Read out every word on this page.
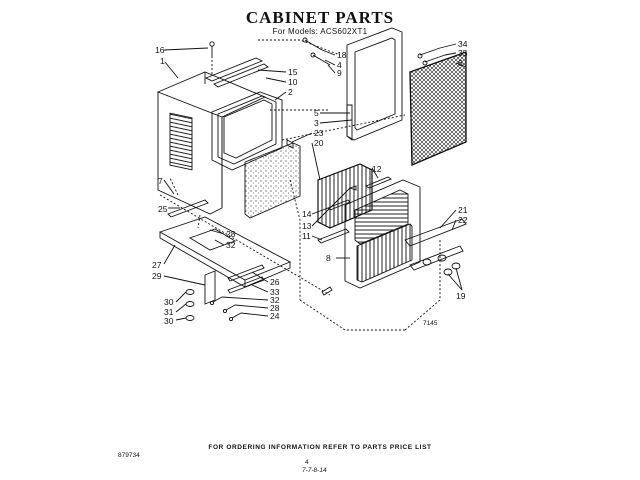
CABINET PARTS
For Models: ACS602XT1
16
1
15
10
2
18
4
9
34
35
6
5
3
23
20
12
7
25	14
13
11
28
32
21
22
8
27
29
26
33
30
31
30
32
28
24
19
7145
FOR ORDERING INFORMATION REFER TO PARTS PRICE LIST
879734
4
7-7-8-14
